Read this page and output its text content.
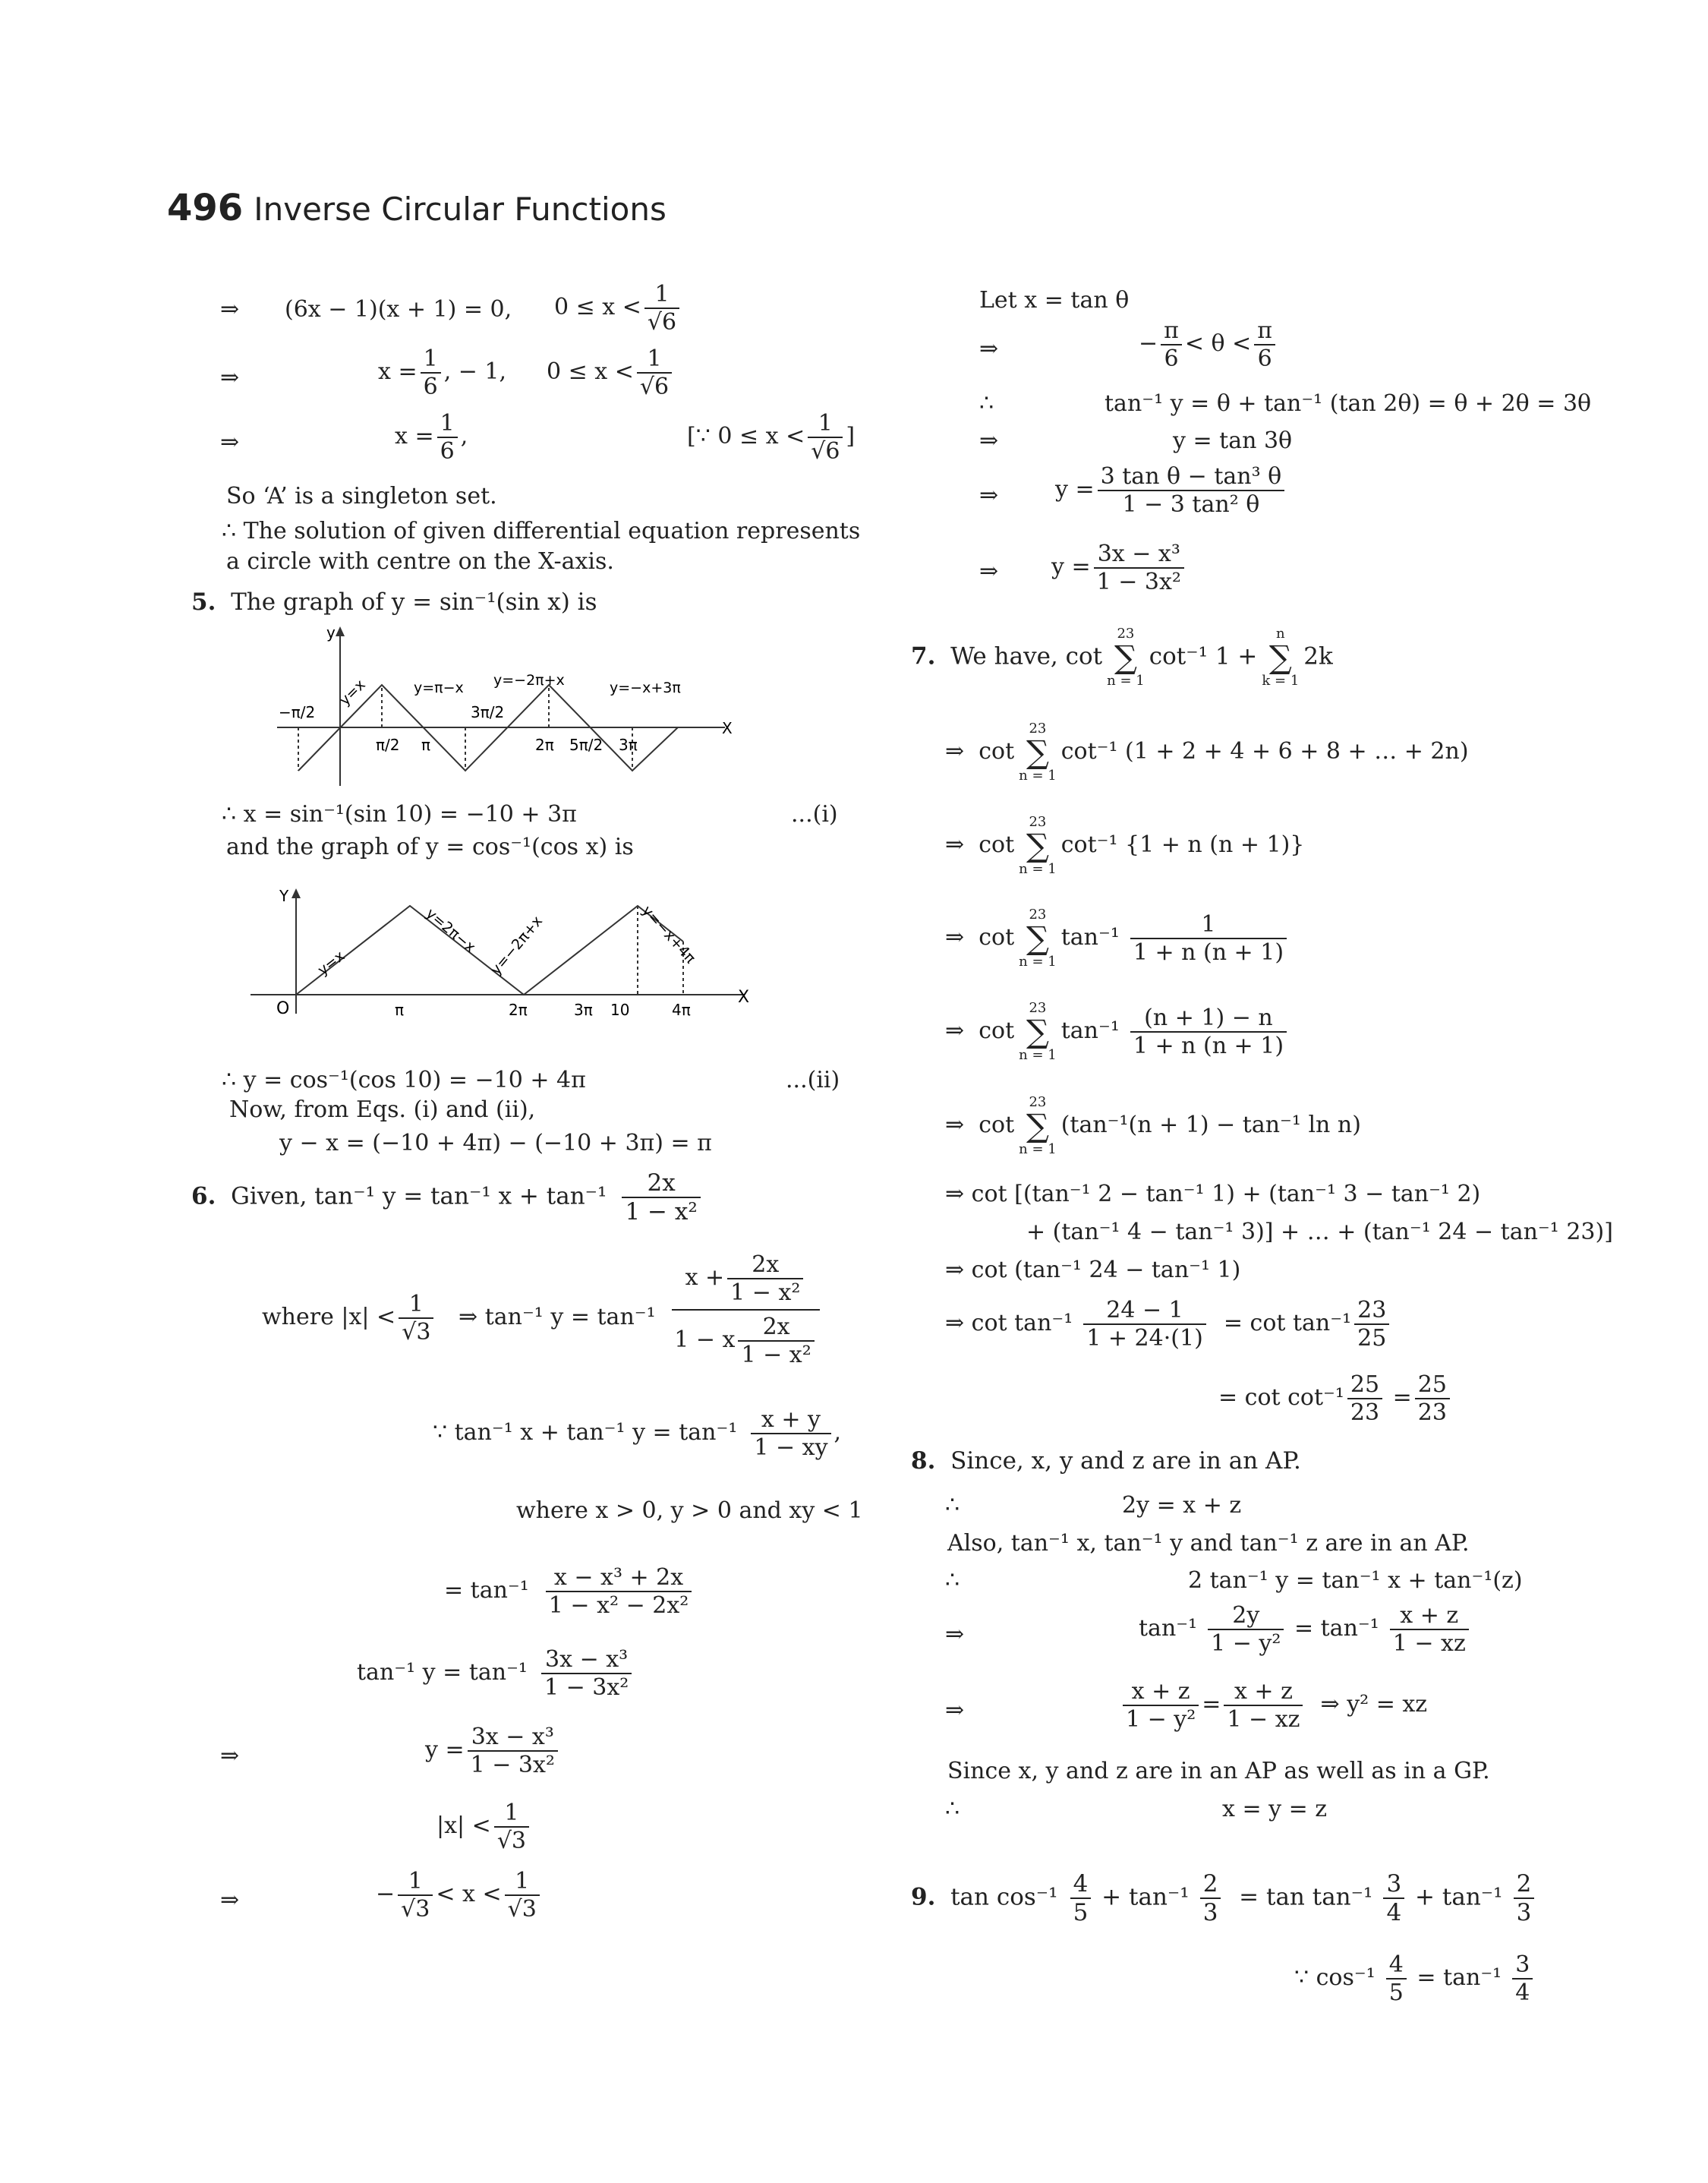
496 Inverse Circular Functions
⇒ (6x − 1)(x + 1) = 0, $0 \le x < \frac{1}{√6}$
⇒	$x = \frac{1}{6}$ , − 1, $0 \le x < \frac{1}{√6}$
⇒	$x = \frac{1}{6}$ ,	[∵ $0 \le x < \frac{1}{√6}$ ]
So ‘A’ is a singleton set.
∴ The solution of given differential equation represents
a circle with centre on the X-axis.
5. The graph of y = sin⁻¹(sin x) is
y
X
−π/2
π/2 π
3π/2
2π 5π/2 3π
y=x	y=π−x y=−2π+x	y=−x+3π
∴ x = sin⁻¹(sin 10) = −10 + 3π	...(i)
and the graph of y = cos⁻¹(cos x) is
Y
X
O	π	2π	3π 10	4π
y=x
y=2π−x y=−2π+x	y=−x+4π
∴ y = cos⁻¹(cos 10) = −10 + 4π	...(ii)
Now, from Eqs. (i) and (ii),
y − x = (−10 + 4π) − (−10 + 3π) = π
6. Given, tan⁻¹ y = tan⁻¹ $x + \tan^{-1} \frac{2x}{\text{1 − x²}}$
where $|x| < \frac{1}{√3}$ ⇒ tan⁻¹ y = tan⁻¹
$x + \frac{2x}{\text{1 − x²}}$
1 − x $\frac{2x}{\text{1 − x²}}$
∵ tan⁻¹ x + tan⁻¹ $y = \tan^{-1} \frac{x + y}{1 - xy}$ ,
where x > 0, y > 0 and xy < 1
= $\tan^{-1} \frac{\text{x − x³ + 2x}}{\text{1 − x² − 2x²}}$
tan⁻¹ $y = \tan^{-1} \frac{\text{3x − x³}}{\text{1 − 3x²}}$
⇒	$y = \frac{\text{3x − x³}}{\text{1 − 3x²}}$
$|x| < \frac{1}{√3}$
⇒	− $\frac{1}{√3} < x < \frac{1}{√3}$
Let x = tan θ
⇒	− $\frac{\pi}{6} < \theta < \frac{\pi}{6}$
∴	tan⁻¹ y = θ + tan⁻¹ (tan 2θ) = θ + 2θ = 3θ
⇒	y = tan 3θ
⇒ $y = \frac{\text{3 tan θ − tan³ θ}}{\text{1 − 3 tan² θ}}$
⇒ $y = \frac{\text{3x − x³}}{\text{1 − 3x²}}$
7. We have, cot23
∑
n = 1cot⁻¹ 1 +n
∑
k = 12k
⇒ cot23
∑
n = 1cot⁻¹ (1 + 2 + 4 + 6 + 8 + … + 2n)
⇒ cot23
∑
n = 1cot⁻¹ {1 + n (n + 1)}
⇒ cot23
∑
$n = 1\tan^{-1} \frac{1}{1 + n (n + 1)}$
⇒ cot23
∑
$n = 1\tan^{-1} \frac{(n + 1) - n}{1 + n (n + 1)}$
⇒ cot23
∑
n = 1(tan⁻¹(n + 1) − tan⁻¹ ln n)
⇒ cot [(tan⁻¹ 2 − tan⁻¹ 1) + (tan⁻¹ 3 − tan⁻¹ 2)
+ (tan⁻¹ 4 − tan⁻¹ 3)] + … + (tan⁻¹ 24 − tan⁻¹ 23)]
⇒ cot (tan⁻¹ 24 − tan⁻¹ 1)
⇒ $\cot \tan^{-1} \frac{24 - 1}{1 + 24\cdot(1)} = \cot \tan^{-1} \frac{23}{25}$
= $\cot \cot^{-1} \frac{25}{23} = \frac{25}{23}$
8. Since, x, y and z are in an AP.
∴	2y = x + z
Also, tan⁻¹ x, tan⁻¹ y and tan⁻¹ z are in an AP.
∴	2 tan⁻¹ y = tan⁻¹ x + tan⁻¹(z)
⇒	$\tan^{-1} \frac{2y}{\text{1 − y²}} = \tan^{-1} \frac{x + z}{1 - xz}$
⇒	$\frac{x + z}{\text{1 − y²}} = \frac{x + z}{1 - xz}$ ⇒ y² = xz
Since x, y and z are in an AP as well as in a GP.
∴	x = y = z
9. $\tan \cos^{-1} \frac{4}{5} + \tan^{-1} \frac{2}{3} = \tan \tan^{-1} \frac{3}{4} + \tan^{-1} \frac{2}{3}$
∵ $\cos^{-1} \frac{4}{5} = \tan^{-1} \frac{3}{4}$
